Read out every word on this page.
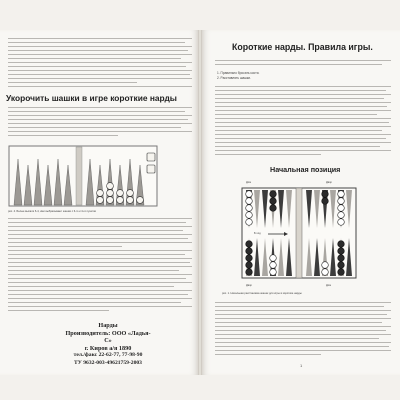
Укорочить шашки в игре короткие нарды
рис. 4. Белые выпали 6-4, ими выбрасывают шашки с 6-го и 4-го пунктов
Нарды
Производитель: ООО «Ладья-С»
г. Киров а/я 1890
тел./факс 22-62-77, 77-98-90
ТУ 9632-003-49621759-2003
Короткие нарды. Правила игры.
1. Правильно бросать кости.
2. Расставлять шашки.
Начальная позиция
Дом	Двор
Двор	Дом
Б ход
рис. 1. Начальная расстановка шашек для игры в короткие нарды
1
